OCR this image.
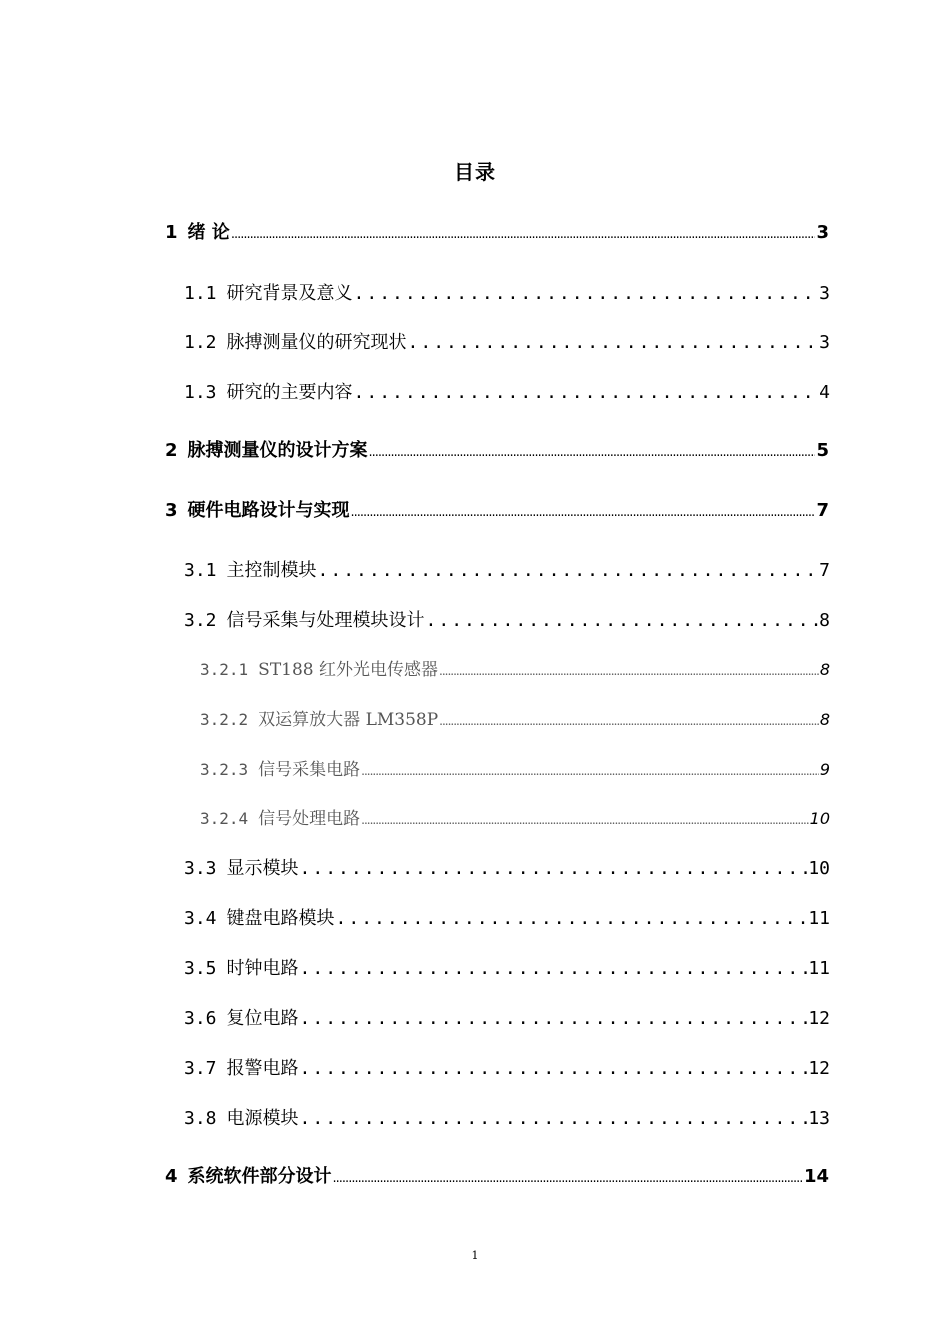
目录
1 绪 论 .....	3
1.1 研究背景及意义 .....	3
1.2 脉搏测量仪的研究现状 .....	3
1.3 研究的主要内容 .....	4
2 脉搏测量仪的设计方案 .....	5
3 硬件电路设计与实现 .....	7
3.1 主控制模块 .....	7
3.2 信号采集与处理模块设计 .....	8
3.2.1 ST188 红外光电传感器 .....	8
3.2.2 双运算放大器 LM358P .....	8
3.2.3 信号采集电路 .....	9
3.2.4 信号处理电路 .....	10
3.3 显示模块 .....	10
3.4 键盘电路模块 .....	11
3.5 时钟电路 .....	11
3.6 复位电路 .....	12
3.7 报警电路 .....	12
3.8 电源模块 .....	13
4 系统软件部分设计 .....	14
1
